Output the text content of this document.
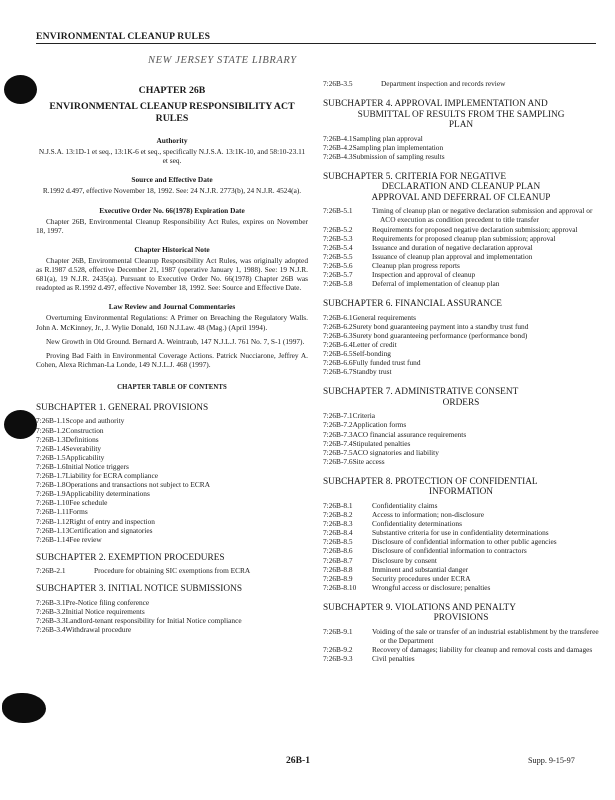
ENVIRONMENTAL CLEANUP RULES
NEW JERSEY STATE LIBRARY
CHAPTER 26B
ENVIRONMENTAL CLEANUP RESPONSIBILITY ACT RULES
Authority
N.J.S.A. 13:1D-1 et seq., 13:1K-6 et seq., specifically N.J.S.A. 13:1K-10, and 58:10-23.11 et seq.
Source and Effective Date
R.1992 d.497, effective November 18, 1992. See: 24 N.J.R. 2773(b), 24 N.J.R. 4524(a).
Executive Order No. 66(1978) Expiration Date
Chapter 26B, Environmental Cleanup Responsibility Act Rules, expires on November 18, 1997.
Chapter Historical Note
Chapter 26B, Environmental Cleanup Responsibility Act Rules, was originally adopted as R.1987 d.528, effective December 21, 1987 (operative January 1, 1988). See: 19 N.J.R. 681(a), 19 N.J.R. 2435(a). Pursuant to Executive Order No. 66(1978) Chapter 26B was readopted as R.1992 d.497, effective November 18, 1992. See: Source and Effective Date.
Law Review and Journal Commentaries
Overturning Environmental Regulations: A Primer on Breaching the Regulatory Walls. John A. McKinney, Jr., J. Wylie Donald, 160 N.J.Law. 48 (Mag.) (April 1994).
New Growth in Old Ground. Bernard A. Weintraub, 147 N.J.L.J. 761 No. 7, S-1 (1997).
Proving Bad Faith in Environmental Coverage Actions. Patrick Nucciarone, Jeffrey A. Cohen, Alexa Richman-La Londe, 149 N.J.L.J. 468 (1997).
CHAPTER TABLE OF CONTENTS
SUBCHAPTER 1. GENERAL PROVISIONS
7:26B-1.1 Scope and authority
7:26B-1.2 Construction
7:26B-1.3 Definitions
7:26B-1.4 Severability
7:26B-1.5 Applicability
7:26B-1.6 Initial Notice triggers
7:26B-1.7 Liability for ECRA compliance
7:26B-1.8 Operations and transactions not subject to ECRA
7:26B-1.9 Applicability determinations
7:26B-1.10 Fee schedule
7:26B-1.11 Forms
7:26B-1.12 Right of entry and inspection
7:26B-1.13 Certification and signatories
7:26B-1.14 Fee review
SUBCHAPTER 2. EXEMPTION PROCEDURES
7:26B-2.1	Procedure for obtaining SIC exemptions from ECRA
SUBCHAPTER 3. INITIAL NOTICE SUBMISSIONS
7:26B-3.1 Pre-Notice filing conference
7:26B-3.2 Initial Notice requirements
7:26B-3.3 Landlord-tenant responsibility for Initial Notice compliance
7:26B-3.4 Withdrawal procedure
7:26B-3.5	Department inspection and records review
SUBCHAPTER 4. APPROVAL IMPLEMENTATION AND
SUBMITTAL OF RESULTS FROM THE SAMPLING
PLAN
7:26B-4.1 Sampling plan approval
7:26B-4.2 Sampling plan implementation
7:26B-4.3 Submission of sampling results
SUBCHAPTER 5. CRITERIA FOR NEGATIVE
DECLARATION AND CLEANUP PLAN
APPROVAL AND DEFERRAL OF CLEANUP
7:26B-5.1	Timing of cleanup plan or negative declaration submission and approval or ACO execution as condition precedent to title transfer
7:26B-5.2	Requirements for proposed negative declaration submission; approval
7:26B-5.3	Requirements for proposed cleanup plan submission; approval
7:26B-5.4	Issuance and duration of negative declaration approval
7:26B-5.5	Issuance of cleanup plan approval and implementation
7:26B-5.6	Cleanup plan progress reports
7:26B-5.7	Inspection and approval of cleanup
7:26B-5.8	Deferral of implementation of cleanup plan
SUBCHAPTER 6. FINANCIAL ASSURANCE
7:26B-6.1 General requirements
7:26B-6.2 Surety bond guaranteeing payment into a standby trust fund
7:26B-6.3 Surety bond guaranteeing performance (performance bond)
7:26B-6.4 Letter of credit
7:26B-6.5 Self-bonding
7:26B-6.6 Fully funded trust fund
7:26B-6.7 Standby trust
SUBCHAPTER 7. ADMINISTRATIVE CONSENT
ORDERS
7:26B-7.1 Criteria
7:26B-7.2 Application forms
7:26B-7.3 ACO financial assurance requirements
7:26B-7.4 Stipulated penalties
7:26B-7.5 ACO signatories and liability
7:26B-7.6 Site access
SUBCHAPTER 8. PROTECTION OF CONFIDENTIAL
INFORMATION
7:26B-8.1	Confidentiality claims
7:26B-8.2	Access to information; non-disclosure
7:26B-8.3	Confidentiality determinations
7:26B-8.4	Substantive criteria for use in confidentiality determinations
7:26B-8.5	Disclosure of confidential information to other public agencies
7:26B-8.6	Disclosure of confidential information to contractors
7:26B-8.7	Disclosure by consent
7:26B-8.8	Imminent and substantial danger
7:26B-8.9	Security procedures under ECRA
7:26B-8.10	Wrongful access or disclosure; penalties
SUBCHAPTER 9. VIOLATIONS AND PENALTY
PROVISIONS
7:26B-9.1	Voiding of the sale or transfer of an industrial establishment by the transferee or the Department
7:26B-9.2	Recovery of damages; liability for cleanup and removal costs and damages
7:26B-9.3	Civil penalties
26B-1	Supp. 9-15-97
